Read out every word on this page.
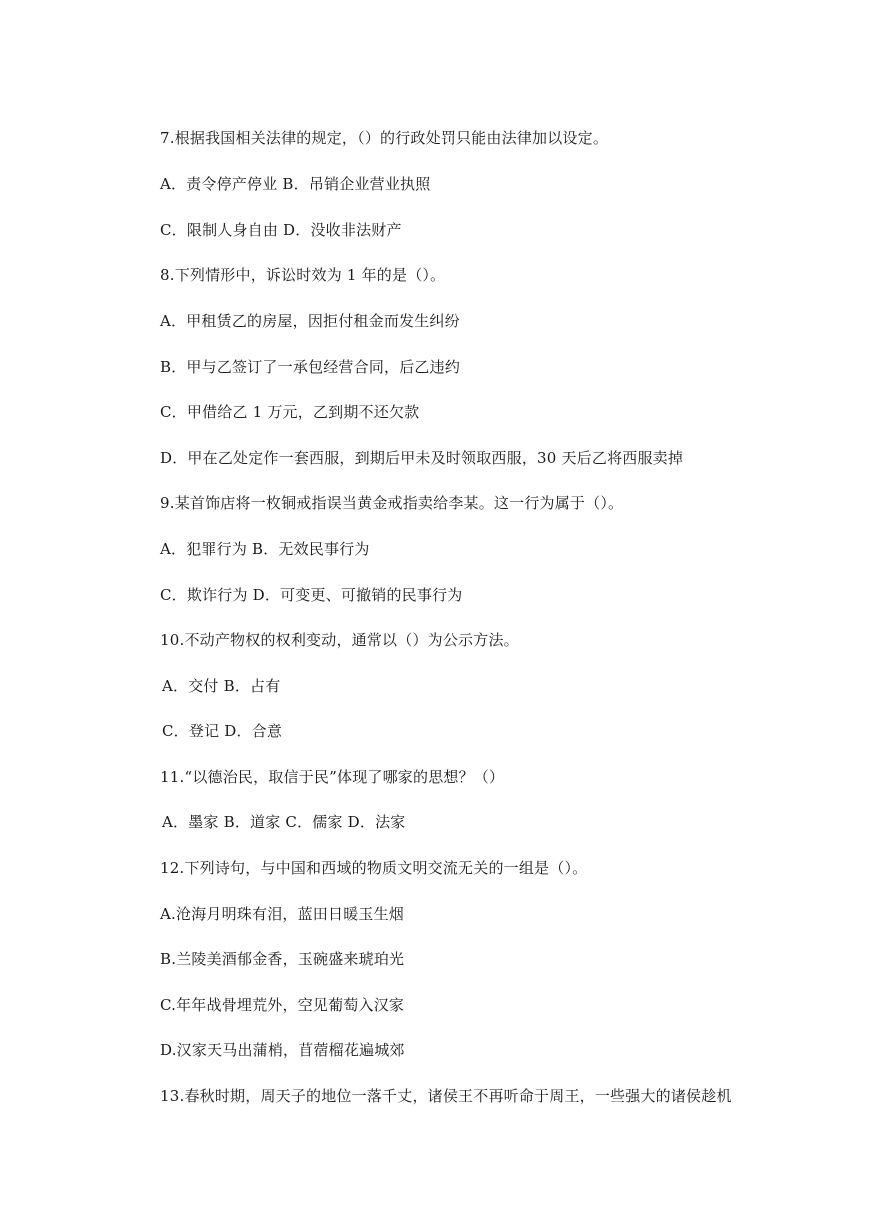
7.根据我国相关法律的规定，（）的行政处罚只能由法律加以设定。
A．责令停产停业 B．吊销企业营业执照
C．限制人身自由 D．没收非法财产
8.下列情形中，诉讼时效为 1 年的是（）。
A．甲租赁乙的房屋，因拒付租金而发生纠纷
B．甲与乙签订了一承包经营合同，后乙违约
C．甲借给乙 1 万元，乙到期不还欠款
D．甲在乙处定作一套西服，到期后甲未及时领取西服，30 天后乙将西服卖掉
9.某首饰店将一枚铜戒指误当黄金戒指卖给李某。这一行为属于（）。
A．犯罪行为 B．无效民事行为
C．欺诈行为 D．可变更、可撤销的民事行为
10.不动产物权的权利变动，通常以（）为公示方法。
A．交付 B．占有
C．登记 D．合意
11.“以德治民，取信于民”体现了哪家的思想？（）
A．墨家 B．道家 C．儒家 D．法家
12.下列诗句，与中国和西域的物质文明交流无关的一组是（）。
A.沧海月明珠有泪，蓝田日暖玉生烟
B.兰陵美酒郁金香，玉碗盛来琥珀光
C.年年战骨埋荒外，空见葡萄入汉家
D.汉家天马出蒲梢，苜蓿榴花遍城郊
13.春秋时期，周天子的地位一落千丈，诸侯王不再听命于周王，一些强大的诸侯趁机
